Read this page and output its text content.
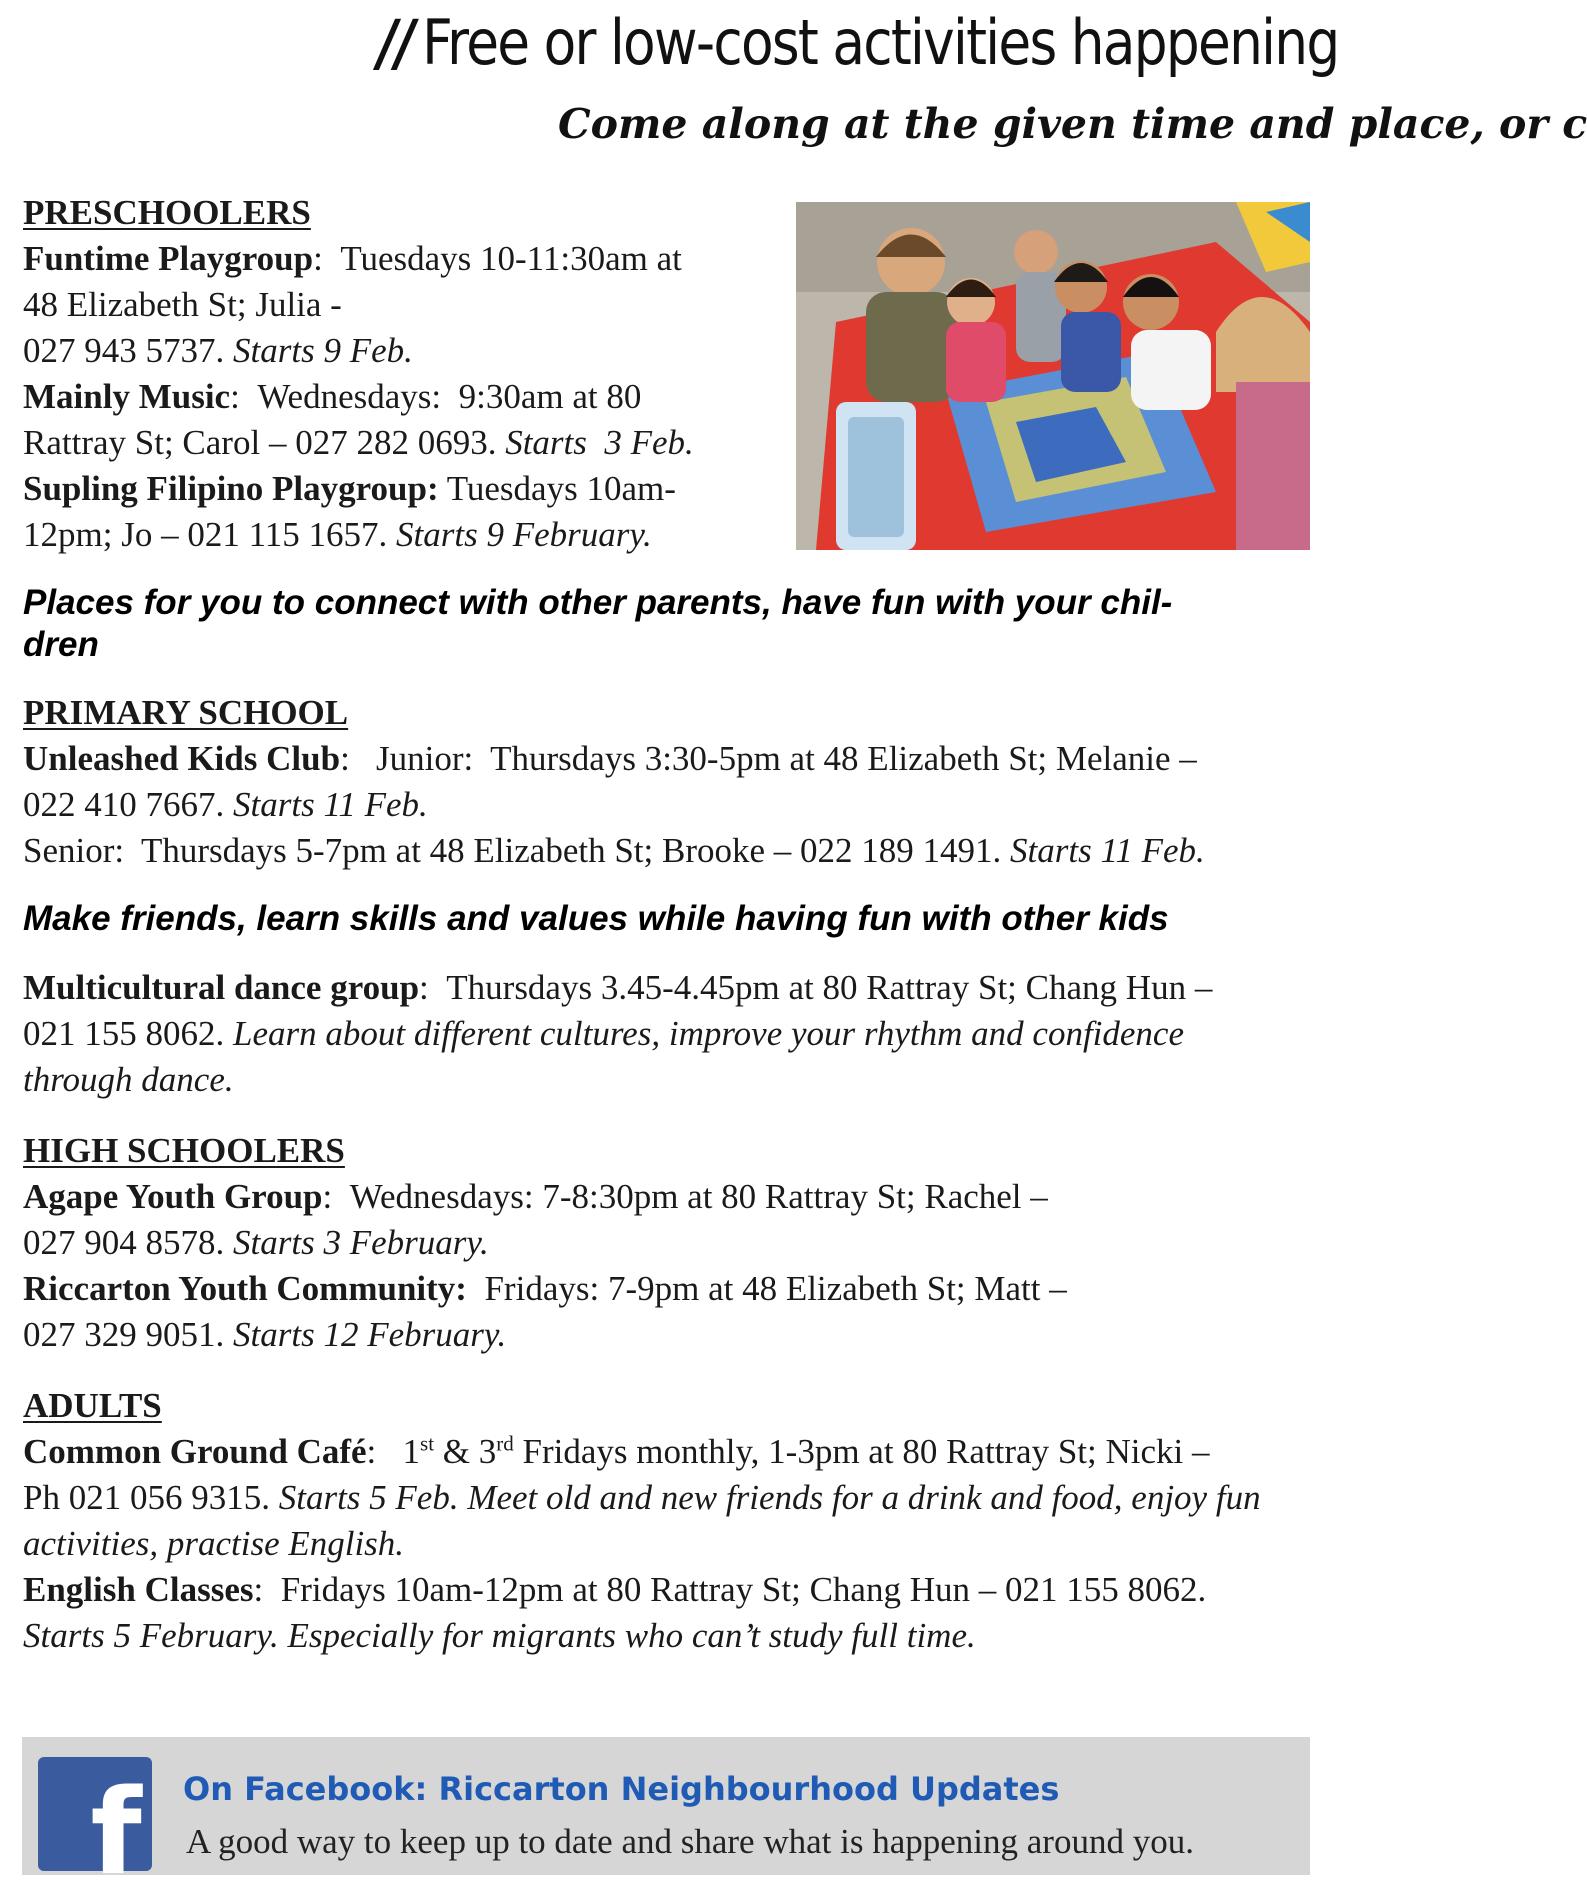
// Free or low-cost activities happening
Come along at the given time and place, or c
PRESCHOOLERS
Funtime Playgroup: Tuesdays 10-11:30am at
48 Elizabeth St; Julia -
027 943 5737. Starts 9 Feb.
Mainly Music: Wednesdays:  9:30am at 80
Rattray St; Carol – 027 282 0693. Starts  3 Feb.
Supling Filipino Playgroup: Tuesdays 10am-
12pm; Jo – 021 115 1657. Starts 9 February.
Places for you to connect with other parents, have fun with your chil-
dren
PRIMARY SCHOOL
Unleashed Kids Club: Junior:  Thursdays 3:30-5pm at 48 Elizabeth St; Melanie –
022 410 7667. Starts 11 Feb.
Senior:  Thursdays 5-7pm at 48 Elizabeth St; Brooke – 022 189 1491. Starts 11 Feb.
Make friends, learn skills and values while having fun with other kids
Multicultural dance group: Thursdays 3.45-4.45pm at 80 Rattray St; Chang Hun –
021 155 8062. Learn about different cultures, improve your rhythm and confidence
through dance.
HIGH SCHOOLERS
Agape Youth Group: Wednesdays: 7-8:30pm at 80 Rattray St; Rachel –
027 904 8578. Starts 3 February.
Riccarton Youth Community: Fridays: 7-9pm at 48 Elizabeth St; Matt –
027 329 9051. Starts 12 February.
ADULTS
Common Ground Café: 1st & 3rd Fridays monthly, 1-3pm at 80 Rattray St; Nicki –
Ph 021 056 9315. Starts 5 Feb. Meet old and new friends for a drink and food, enjoy fun
activities, practise English.
English Classes: Fridays 10am-12pm at 80 Rattray St; Chang Hun – 021 155 8062.
Starts 5 February. Especially for migrants who can’t study full time.
f On Facebook: Riccarton Neighbourhood Updates
A good way to keep up to date and share what is happening around you.
